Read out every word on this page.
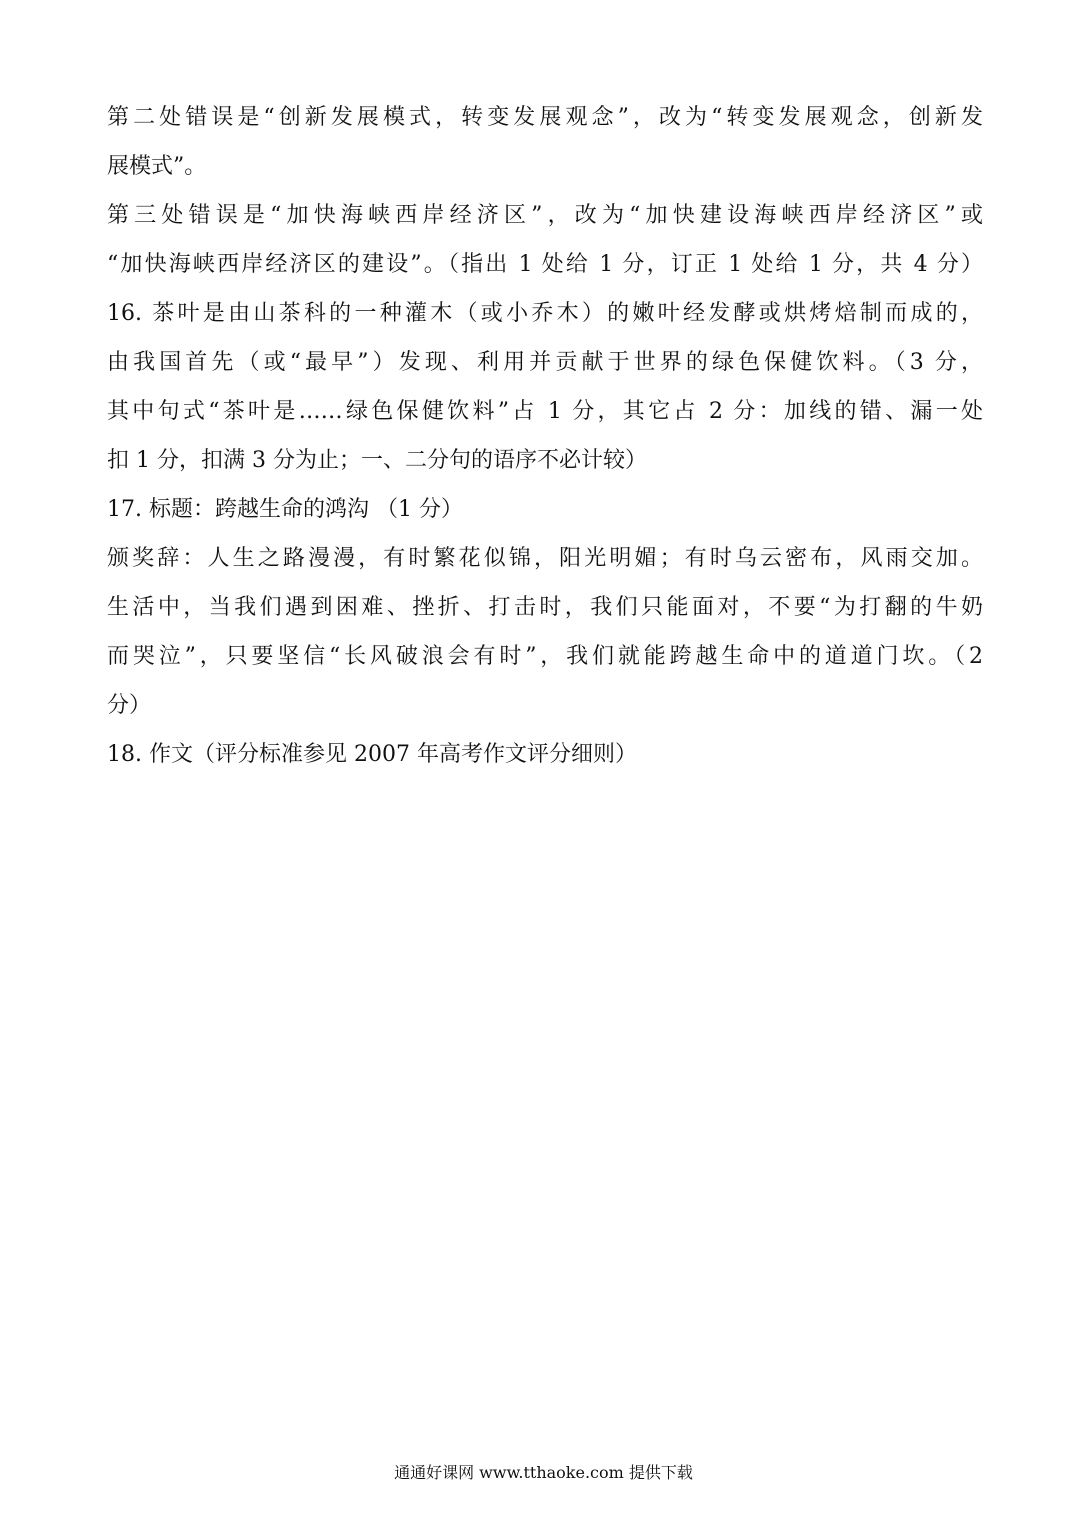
第二处错误是“创新发展模式，转变发展观念”，改为“转变发展观念，创新发
展模式”。
第三处错误是“加快海峡西岸经济区”，改为“加快建设海峡西岸经济区”或
“加快海峡西岸经济区的建设”。（指出 1 处给 1 分，订正 1 处给 1 分，共 4 分）
16. 茶叶是由山茶科的一种灌木（或小乔木）的嫩叶经发酵或烘烤焙制而成的，
由我国首先（或“最早”）发现、利用并贡献于世界的绿色保健饮料。（3 分，
其中句式“茶叶是……绿色保健饮料”占 1 分，其它占 2 分：加线的错、漏一处
扣 1 分，扣满 3 分为止；一、二分句的语序不必计较）
17. 标题：跨越生命的鸿沟 （1 分）
颁奖辞：人生之路漫漫，有时繁花似锦，阳光明媚；有时乌云密布，风雨交加。
生活中，当我们遇到困难、挫折、打击时，我们只能面对，不要“为打翻的牛奶
而哭泣”，只要坚信“长风破浪会有时”，我们就能跨越生命中的道道门坎。（2
分）
18. 作文（评分标准参见 2007 年高考作文评分细则）
通通好课网 www.tthaoke.com 提供下载
